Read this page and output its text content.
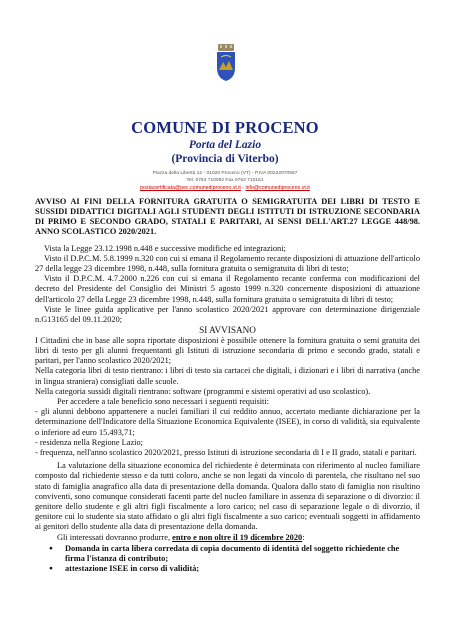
COMUNE DI PROCENO
Porta del Lazio
(Provincia di Viterbo)
Piazza della Libertà 12 - 01020 Proceno (VT) - P.IVA 00222070567
Tel. 0763 710092 Fax 0763 710161
postacertificata@pec.comunediproceno.vt.it - info@comunediproceno.vt.it

AVVISO AI FINI DELLA FORNITURA GRATUITA O SEMIGRATUITA DEI LIBRI DI TESTO E SUSSIDI DIDATTICI DIGITALI AGLI STUDENTI DEGLI ISTITUTI DI ISTRUZIONE SECONDARIA DI PRIMO E SECONDO GRADO, STATALI E PARITARI, AI SENSI DELL'ART.27 LEGGE 448/98. ANNO SCOLASTICO 2020/2021.

Vista la Legge 23.12.1998 n.448 e successive modifiche ed integrazioni;

Visto il D.P.C.M. 5.8.1999 n.320 con cui si emana il Regolamento recante disposizioni di attuazione dell'articolo 27 della legge 23 dicembre 1998, n.448, sulla fornitura gratuita o semigratuita di libri di testo;

Visto il D.P.C.M. 4.7.2000 n.226 con cui si emana il Regolamento recante conferma con modificazioni del decreto del Presidente del Consiglio dei Ministri 5 agosto 1999 n.320 concernente disposizioni di attuazione dell'articolo 27 della Legge 23 dicembre 1998, n.448, sulla fornitura gratuita o semigratuita di libri di testo;

Viste le linee guida applicative per l'anno scolastico 2020/2021 approvare con determinazione dirigenziale n.G13165 del 09.11.2020;

SI AVVISANO

I Cittadini che in base alle sopra riportate disposizioni è possibile ottenere la fornitura gratuita o semi gratuita dei libri di testo per gli alunni frequentanti gli Istituti di istruzione secondaria di primo e secondo grado, statali e paritari, per l'anno scolastico 2020/2021;

Nella categoria libri di testo rientrano: i libri di testo sia cartacei che digitali, i dizionari e i libri di narrativa (anche in lingua straniera) consigliati dalle scuole.

Nella categoria sussidi digitali rientrano: software (programmi e sistemi operativi ad uso scolastico).

Per accedere a tale beneficio sono necessari i seguenti requisiti:

- gli alunni debbono appartenere a nuclei familiari il cui reddito annuo, accertato mediante dichiarazione per la determinazione dell'Indicatore della Situazione Economica Equivalente (ISEE), in corso di validità, sia equivalente o inferiore ad euro 15.493,71;

- residenza nella Regione Lazio;

- frequenza, nell'anno scolastico 2020/2021, presso Istituti di istruzione secondaria di I e II grado, statali e paritari.

La valutazione della situazione economica del richiedente è determinata con riferimento al nucleo familiare composto dal richiedente stesso e da tutti coloro, anche se non legati da vincolo di parentela, che risultano nel suo stato di famiglia anagrafico alla data di presentazione della domanda. Qualora dallo stato di famiglia non risultino conviventi, sono comunque considerati facenti parte del nucleo familiare in assenza di separazione o di divorzio: il genitore dello studente e gli altri figli fiscalmente a loro carico; nel caso di separazione legale o di divorzio, il genitore cui lo studente sia stato affidato o gli altri figli fiscalmente a suo carico; eventuali soggetti in affidamento ai genitori dello studente alla data di presentazione della domanda.

Gli interessati dovranno produrre, entro e non oltre il 19 dicembre 2020:

● Domanda in carta libera corredata di copia documento di identità del soggetto richiedente che firma l'istanza di contributo;
● attestazione ISEE in corso di validità;
